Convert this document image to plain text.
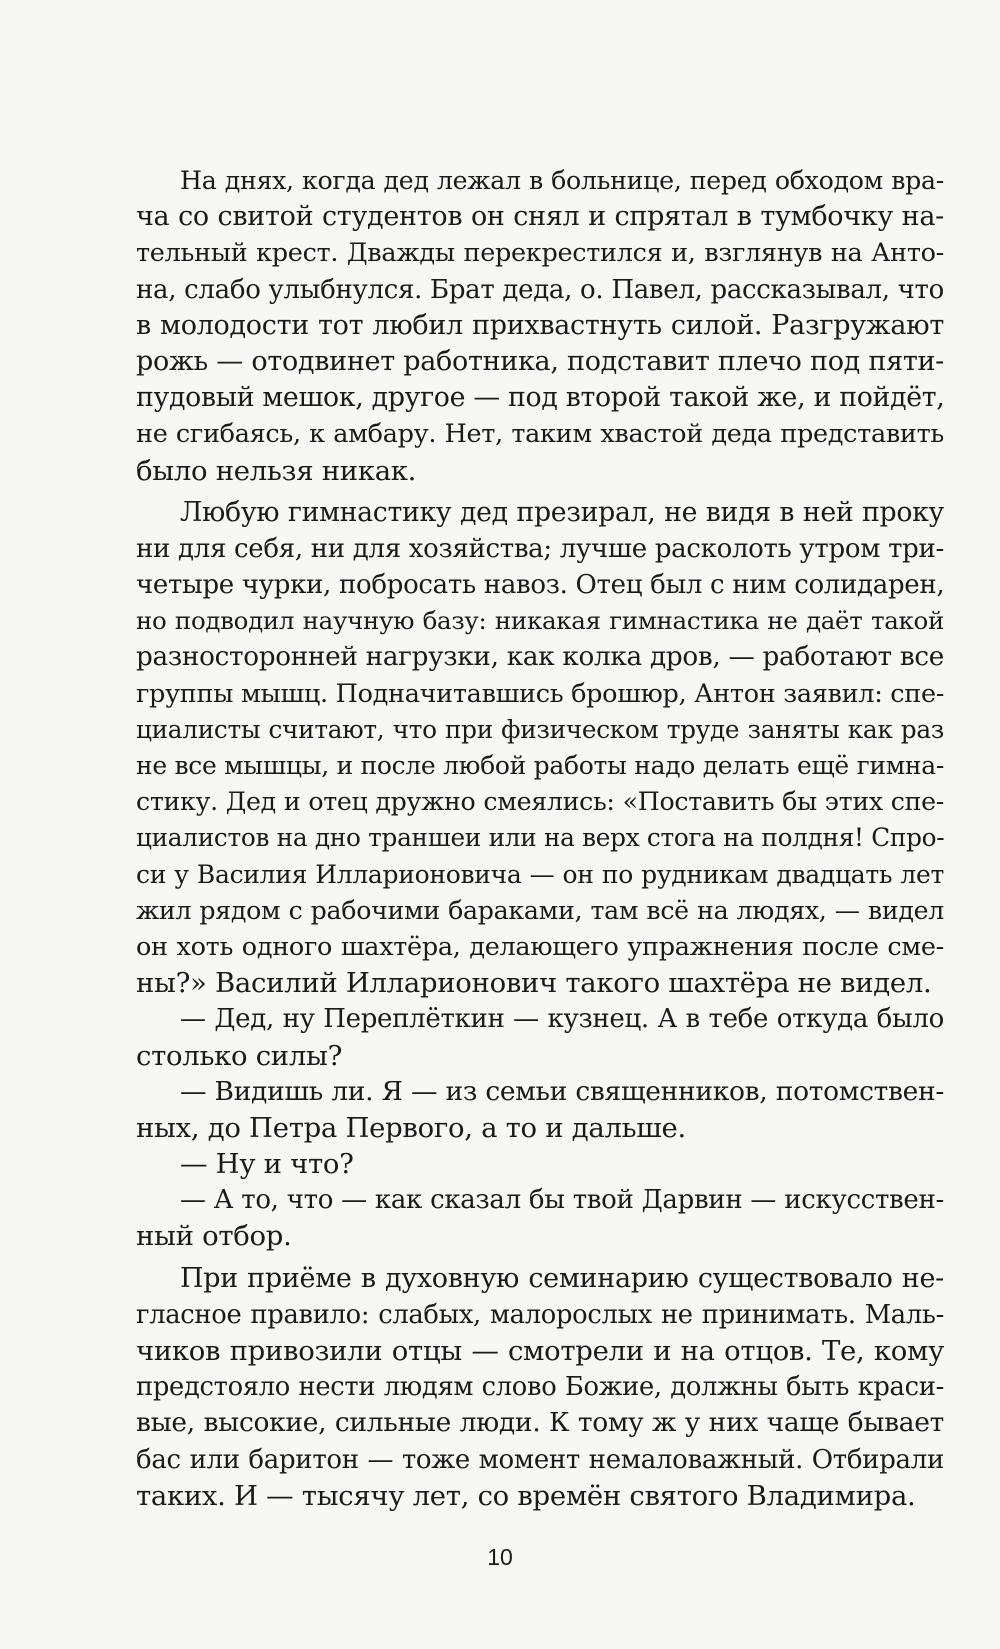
На днях, когда дед лежал в больнице, перед обходом вра-
ча со свитой студентов он снял и спрятал в тумбочку на-
тельный крест. Дважды перекрестился и, взглянув на Анто-
на, слабо улыбнулся. Брат деда, о. Павел, рассказывал, что
в молодости тот любил прихвастнуть силой. Разгружают
рожь — отодвинет работника, подставит плечо под пяти-
пудовый мешок, другое — под второй такой же, и пойдёт,
не сгибаясь, к амбару. Нет, таким хвастой деда представить
было нельзя никак.
Любую гимнастику дед презирал, не видя в ней проку
ни для себя, ни для хозяйства; лучше расколоть утром три-
четыре чурки, побросать навоз. Отец был с ним солидарен,
но подводил научную базу: никакая гимнастика не даёт такой
разносторонней нагрузки, как колка дров, — работают все
группы мышц. Подначитавшись брошюр, Антон заявил: спе-
циалисты считают, что при физическом труде заняты как раз
не все мышцы, и после любой работы надо делать ещё гимна-
стику. Дед и отец дружно смеялись: «Поставить бы этих спе-
циалистов на дно траншеи или на верх стога на полдня! Спро-
си у Василия Илларионовича — он по рудникам двадцать лет
жил рядом с рабочими бараками, там всё на людях, — видел
он хоть одного шахтёра, делающего упражнения после сме-
ны?» Василий Илларионович такого шахтёра не видел.
— Дед, ну Переплёткин — кузнец. А в тебе откуда было
столько силы?
— Видишь ли. Я — из семьи священников, потомствен-
ных, до Петра Первого, а то и дальше.
— Ну и что?
— А то, что — как сказал бы твой Дарвин — искусствен-
ный отбор.
При приёме в духовную семинарию существовало не-
гласное правило: слабых, малорослых не принимать. Маль-
чиков привозили отцы — смотрели и на отцов. Те, кому
предстояло нести людям слово Божие, должны быть краси-
вые, высокие, сильные люди. К тому ж у них чаще бывает
бас или баритон — тоже момент немаловажный. Отбирали
таких. И — тысячу лет, со времён святого Владимира.
10
